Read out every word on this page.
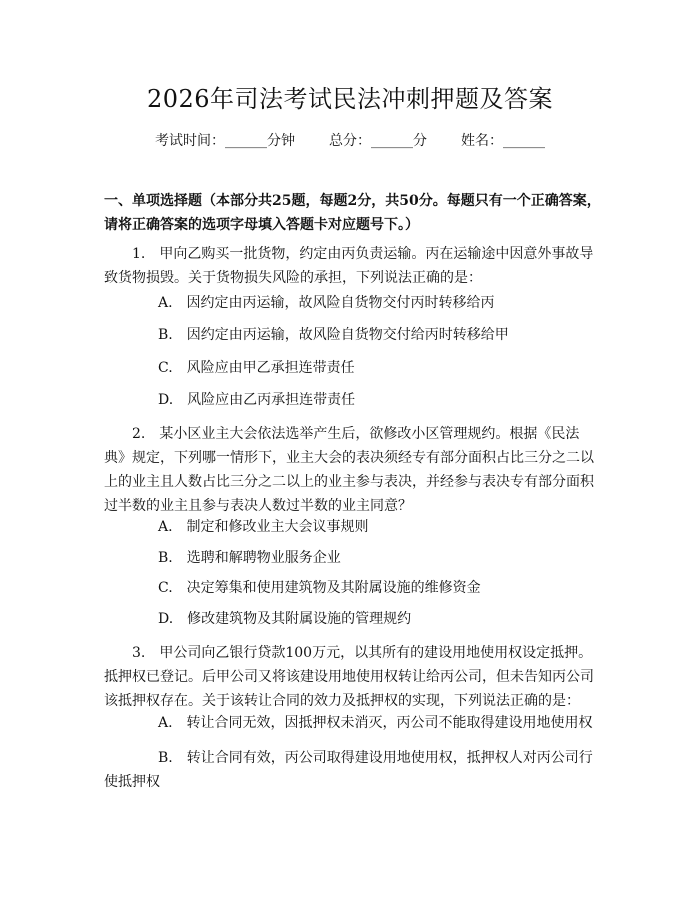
2026年司法考试民法冲刺押题及答案
考试时间：______分钟 总分：______分 姓名：______
一、单项选择题（本部分共25题，每题2分，共50分。每题只有一个正确答案，请将正确答案的选项字母填入答题卡对应题号下。）
1.　甲向乙购买一批货物，约定由丙负责运输。丙在运输途中因意外事故导致货物损毁。关于货物损失风险的承担，下列说法正确的是：
A.　因约定由丙运输，故风险自货物交付丙时转移给丙
B.　因约定由丙运输，故风险自货物交付给丙时转移给甲
C.　风险应由甲乙承担连带责任
D.　风险应由乙丙承担连带责任
2.　某小区业主大会依法选举产生后，欲修改小区管理规约。根据《民法典》规定，下列哪一情形下，业主大会的表决须经专有部分面积占比三分之二以上的业主且人数占比三分之二以上的业主参与表决，并经参与表决专有部分面积过半数的业主且参与表决人数过半数的业主同意？
A.　制定和修改业主大会议事规则
B.　选聘和解聘物业服务企业
C.　决定筹集和使用建筑物及其附属设施的维修资金
D.　修改建筑物及其附属设施的管理规约
3.　甲公司向乙银行贷款100万元，以其所有的建设用地使用权设定抵押。抵押权已登记。后甲公司又将该建设用地使用权转让给丙公司，但未告知丙公司该抵押权存在。关于该转让合同的效力及抵押权的实现，下列说法正确的是：
A.　转让合同无效，因抵押权未消灭，丙公司不能取得建设用地使用权
B.　转让合同有效，丙公司取得建设用地使用权，抵押权人对丙公司行使抵押权
